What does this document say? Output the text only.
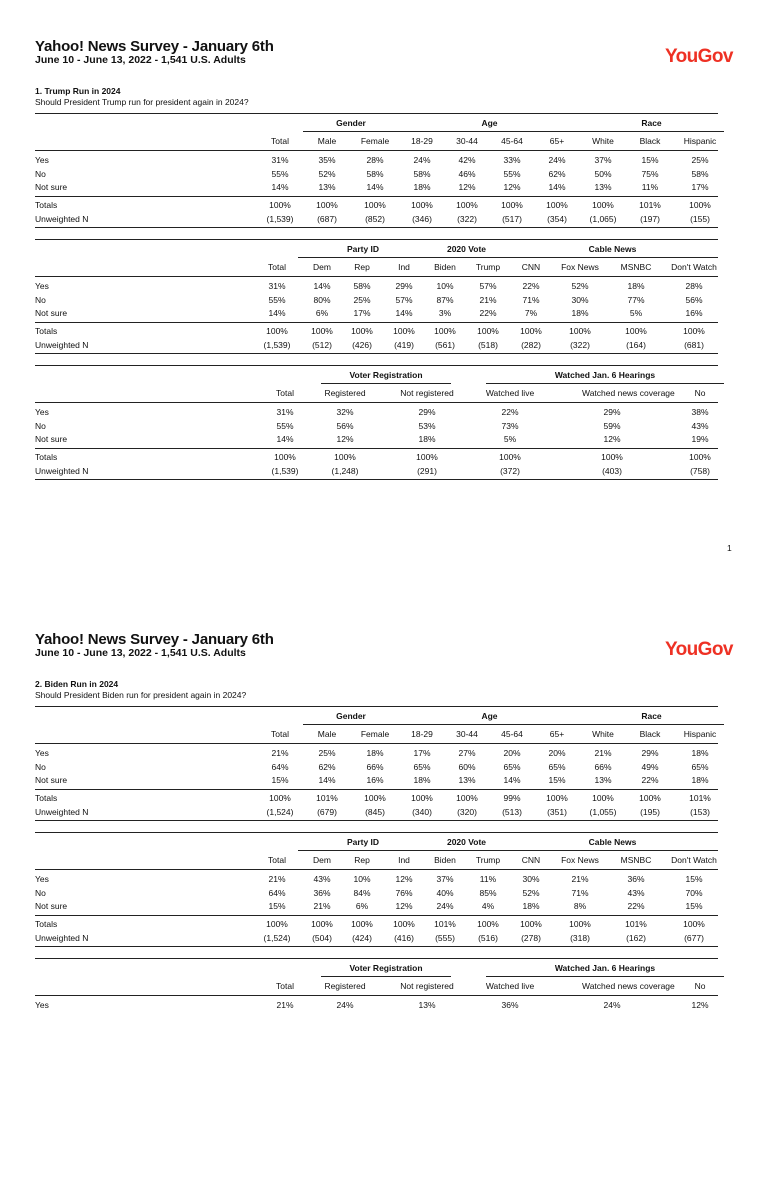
Yahoo! News Survey - January 6th
June 10 - June 13, 2022 - 1,541 U.S. Adults	YouGov
1. Trump Run in 2024
Should President Trump run for president again in 2024?
1
Gender	Age	Race
Total	Male	Female	18-29	30-44	45-64	65+	White	Black	Hispanic
Yes	31%	35%	28%	24%	42%	33%	24%	37%	15%	25%
No	55%	52%	58%	58%	46%	55%	62%	50%	75%	58%
Not sure	14%	13%	14%	18%	12%	12%	14%	13%	11%	17%
Totals	100%	100%	100%	100%	100%	100%	100%	100%	101%	100%
Unweighted N	(1,539)	(687)	(852)	(346)	(322)	(517)	(354)	(1,065)	(197)	(155)
Party ID	2020 Vote	Cable News
Total	Dem	Rep	Ind	Biden	Trump	CNN	Fox News	MSNBC	Don't Watch
Yes	31%	14%	58%	29%	10%	57%	22%	52%	18%	28%
No	55%	80%	25%	57%	87%	21%	71%	30%	77%	56%
Not sure	14%	6%	17%	14%	3%	22%	7%	18%	5%	16%
Totals	100%	100%	100%	100%	100%	100%	100%	100%	100%	100%
Unweighted N	(1,539)	(512)	(426)	(419)	(561)	(518)	(282)	(322)	(164)	(681)
Voter Registration	Watched Jan. 6 Hearings
Total	Registered	Not registered	Watched live	Watched news coverage	No
Yes	31%	32%	29%	22%	29%	38%
No	55%	56%	53%	73%	59%	43%
Not sure	14%	12%	18%	5%	12%	19%
Totals	100%	100%	100%	100%	100%	100%
Unweighted N	(1,539)	(1,248)	(291)	(372)	(403)	(758)
Yahoo! News Survey - January 6th
June 10 - June 13, 2022 - 1,541 U.S. Adults	YouGov
2. Biden Run in 2024
Should President Biden run for president again in 2024?
Gender	Age	Race
Total	Male	Female	18-29	30-44	45-64	65+	White	Black	Hispanic
Yes	21%	25%	18%	17%	27%	20%	20%	21%	29%	18%
No	64%	62%	66%	65%	60%	65%	65%	66%	49%	65%
Not sure	15%	14%	16%	18%	13%	14%	15%	13%	22%	18%
Totals	100%	101%	100%	100%	100%	99%	100%	100%	100%	101%
Unweighted N	(1,524)	(679)	(845)	(340)	(320)	(513)	(351)	(1,055)	(195)	(153)
Party ID	2020 Vote	Cable News
Total	Dem	Rep	Ind	Biden	Trump	CNN	Fox News	MSNBC	Don't Watch
Yes	21%	43%	10%	12%	37%	11%	30%	21%	36%	15%
No	64%	36%	84%	76%	40%	85%	52%	71%	43%	70%
Not sure	15%	21%	6%	12%	24%	4%	18%	8%	22%	15%
Totals	100%	100%	100%	100%	101%	100%	100%	100%	101%	100%
Unweighted N	(1,524)	(504)	(424)	(416)	(555)	(516)	(278)	(318)	(162)	(677)
Voter Registration	Watched Jan. 6 Hearings
Total	Registered	Not registered	Watched live	Watched news coverage	No
Yes	21%	24%	13%	36%	24%	12%
